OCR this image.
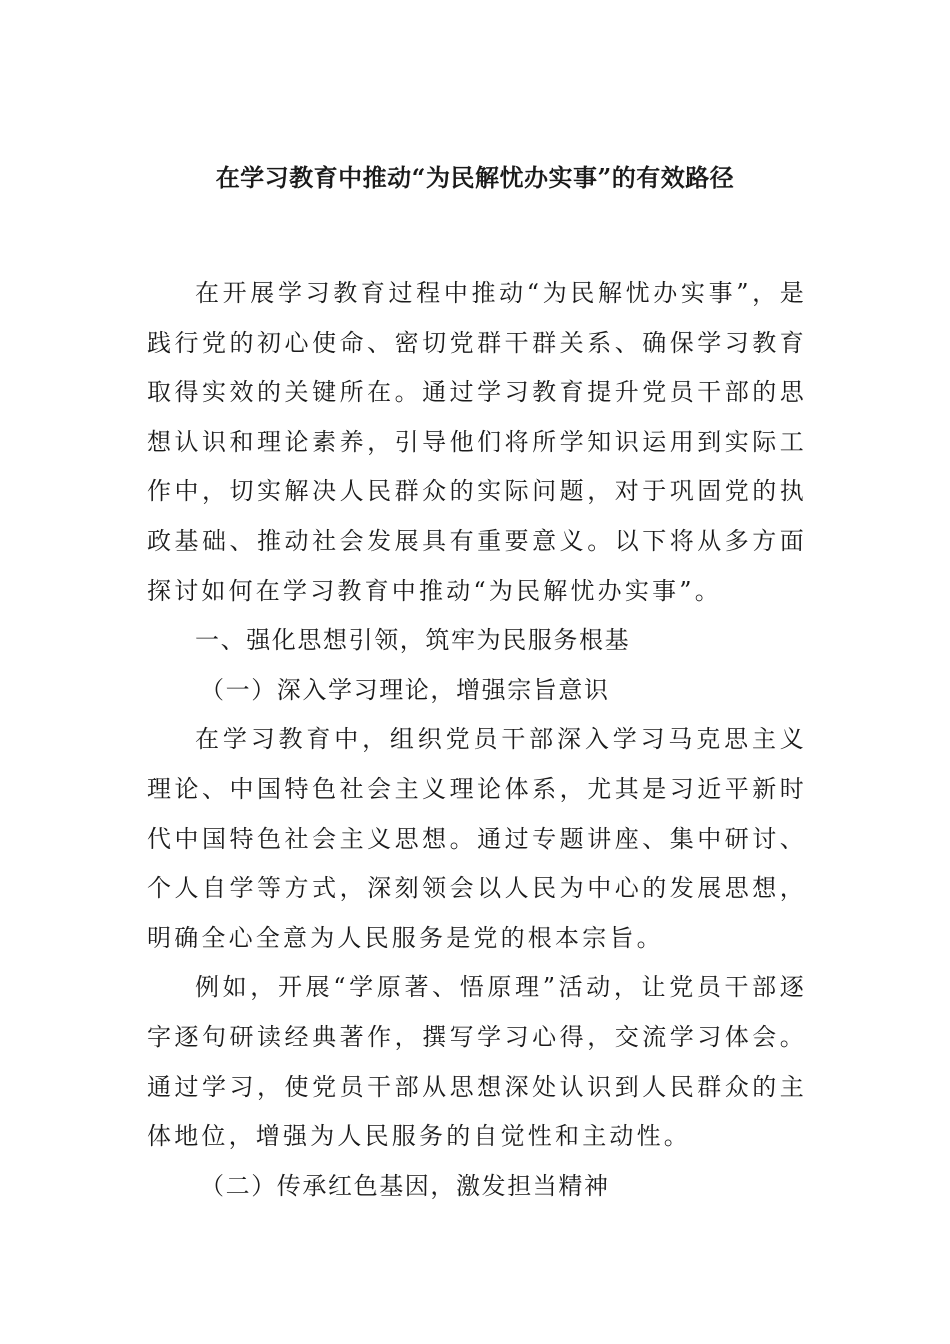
在学习教育中推动“为民解忧办实事”的有效路径

在开展学习教育过程中推动“为民解忧办实事”，是践行党的初心使命、密切党群干群关系、确保学习教育取得实效的关键所在。通过学习教育提升党员干部的思想认识和理论素养，引导他们将所学知识运用到实际工作中，切实解决人民群众的实际问题，对于巩固党的执政基础、推动社会发展具有重要意义。以下将从多方面探讨如何在学习教育中推动“为民解忧办实事”。

一、强化思想引领，筑牢为民服务根基

（一）深入学习理论，增强宗旨意识

在学习教育中，组织党员干部深入学习马克思主义理论、中国特色社会主义理论体系，尤其是习近平新时代中国特色社会主义思想。通过专题讲座、集中研讨、个人自学等方式，深刻领会以人民为中心的发展思想，明确全心全意为人民服务是党的根本宗旨。

例如，开展“学原著、悟原理”活动，让党员干部逐字逐句研读经典著作，撰写学习心得，交流学习体会。通过学习，使党员干部从思想深处认识到人民群众的主体地位，增强为人民服务的自觉性和主动性。

（二）传承红色基因，激发担当精神
